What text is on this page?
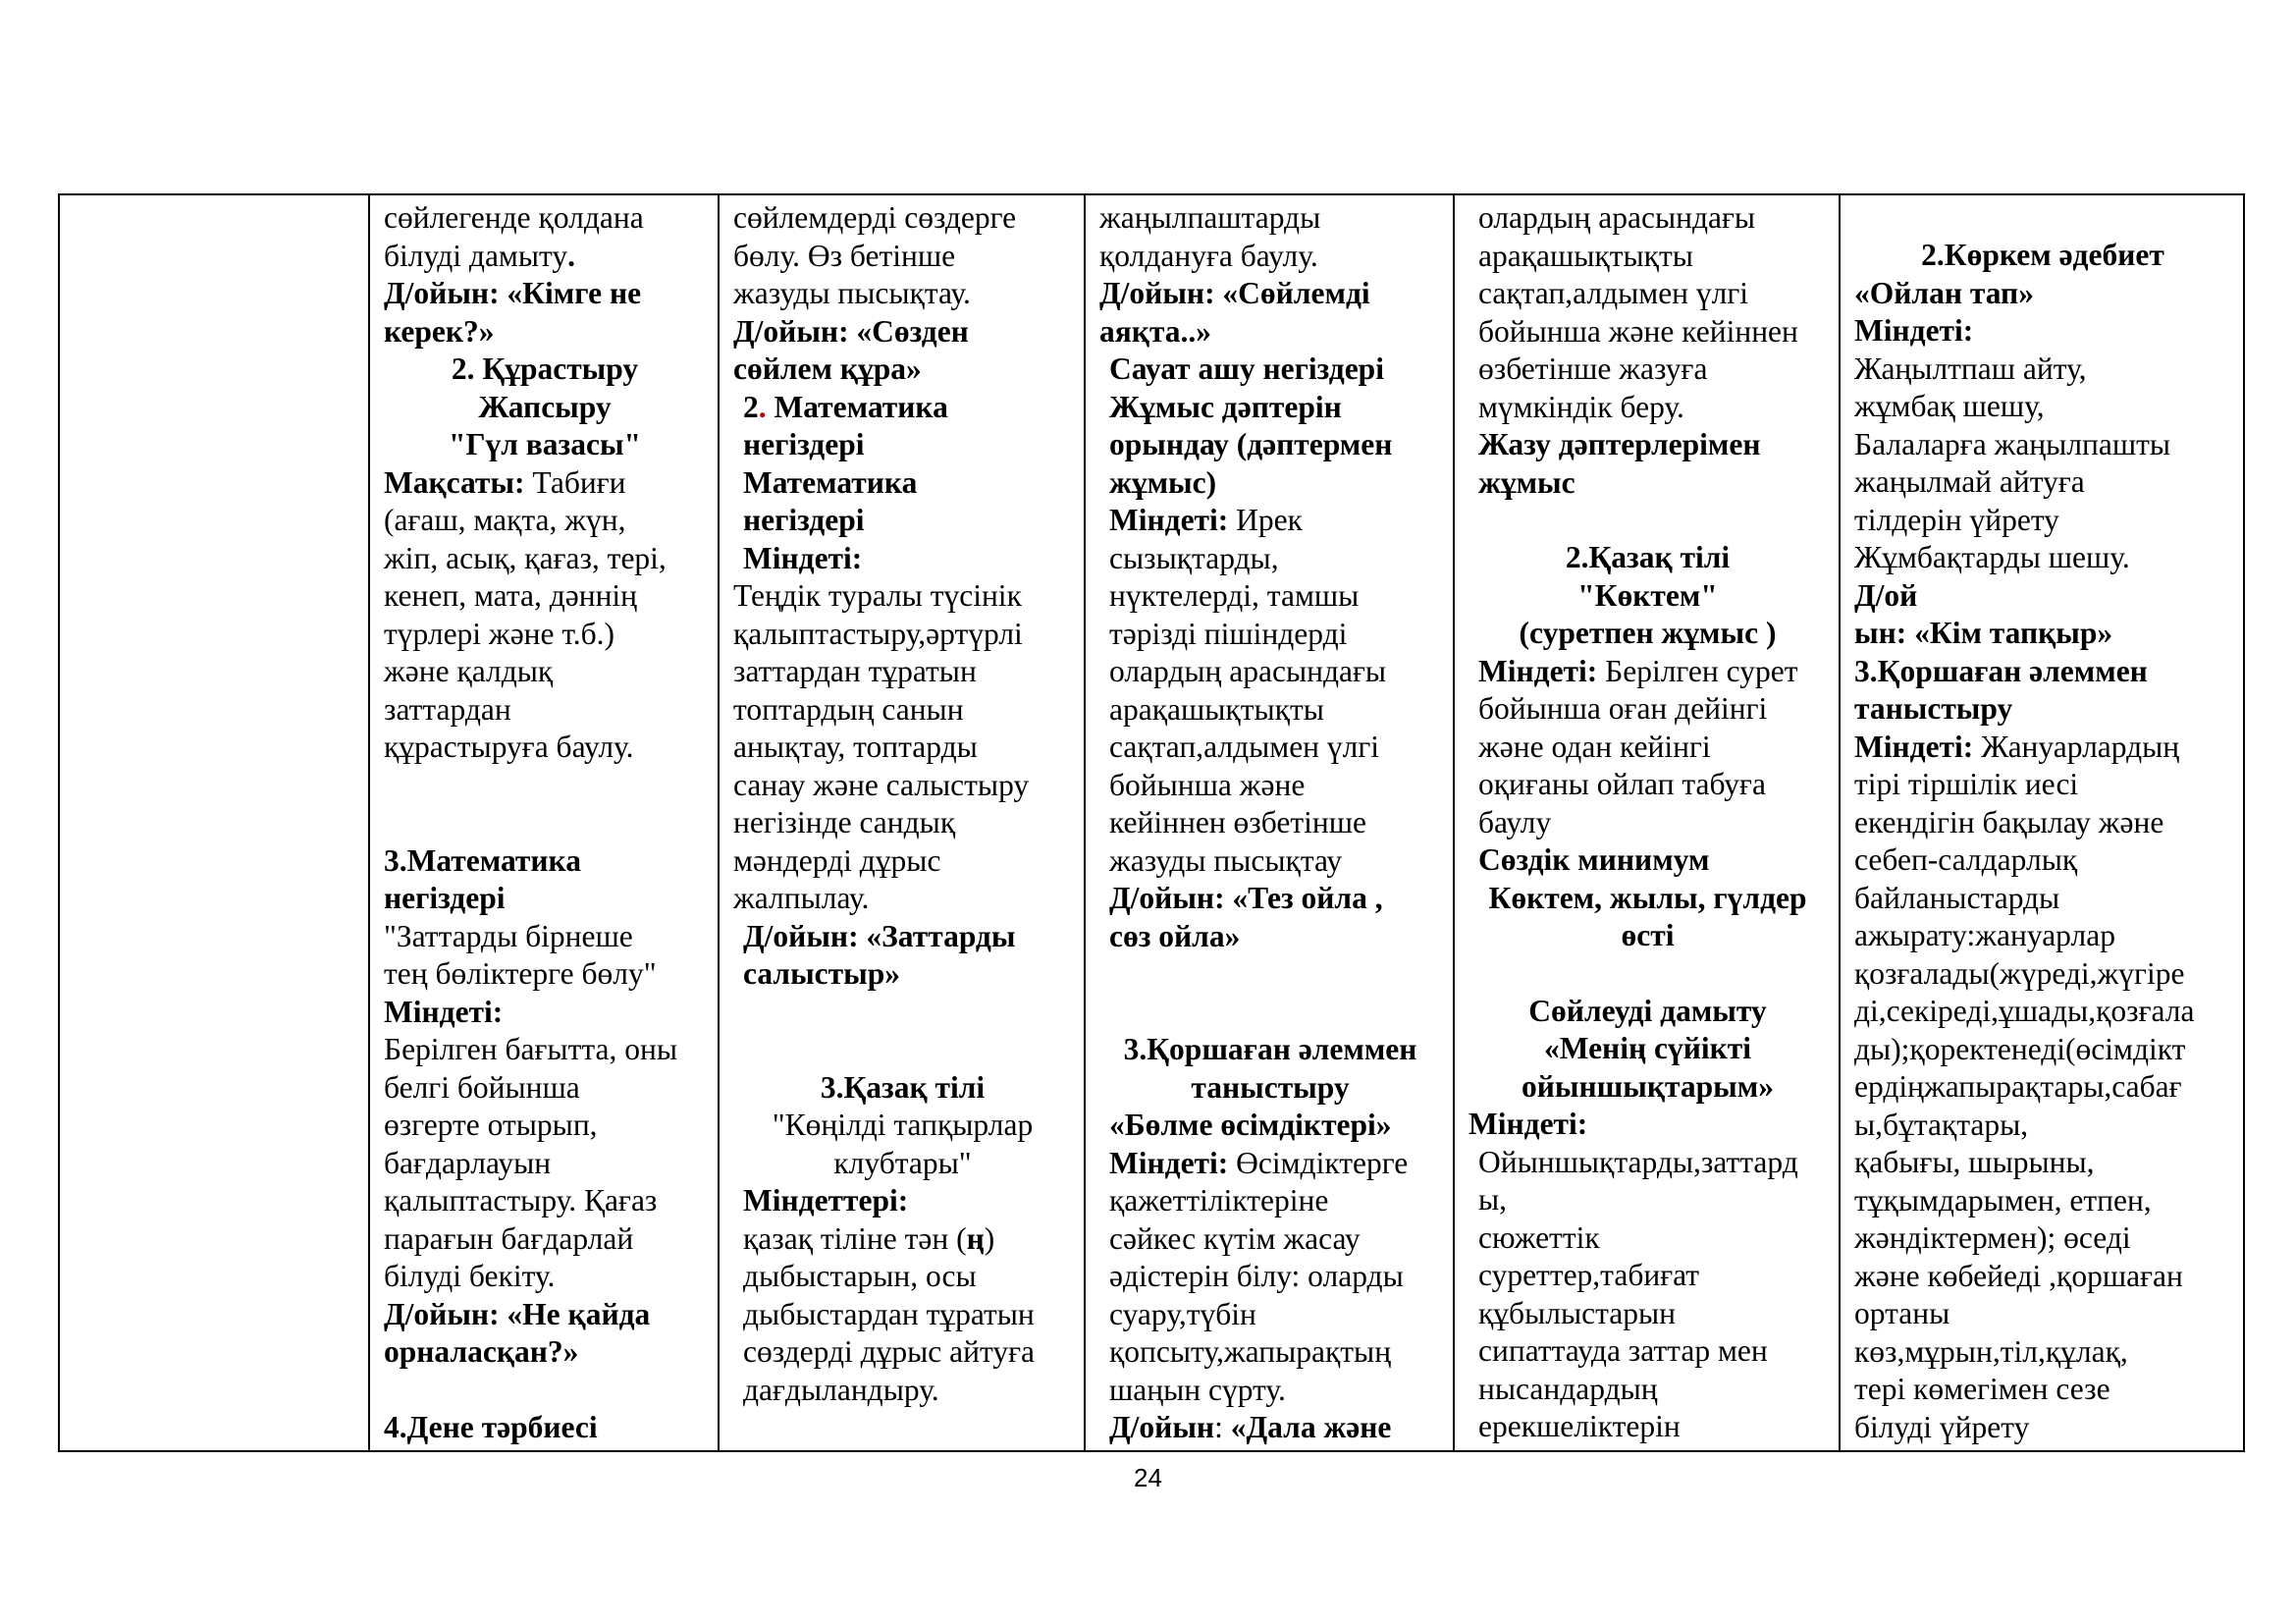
сөйлегенде қолдана
білуді дамыту.
Д/ойын: «Кімге не
керек?»
2. Құрастыру
Жапсыру
"Гүл вазасы"
Мақсаты: Табиғи
(ағаш, мақта, жүн,
жіп, асық, қағаз, тері,
кенеп, мата, дәннің
түрлері және т.б.)
және қалдық
заттардан
құрастыруға баулу.
3.Математика
негіздері
"Заттарды бірнеше
тең бөліктерге бөлу"
Міндеті:
Берілген бағытта, оны
белгі бойынша
өзгерте отырып,
бағдарлауын
қалыптастыру. Қағаз
парағын бағдарлай
білуді бекіту.
Д/ойын: «Не қайда
орналасқан?»
4.Дене тәрбиесі

сөйлемдерді сөздерге
бөлу. Өз бетінше
жазуды пысықтау.
Д/ойын: «Сөзден
сөйлем құра»
2. Математика
негіздері
Математика
негіздері
Міндеті:
Теңдік туралы түсінік
қалыптастыру,әртүрлі
заттардан тұратын
топтардың санын
анықтау, топтарды
санау және салыстыру
негізінде сандық
мәндерді дұрыс
жалпылау.
Д/ойын: «Заттарды
салыстыр»
3.Қазақ тілі
"Көңілді тапқырлар
клубтары"
Міндеттері:
қазақ тіліне тән (ң)
дыбыстарын, осы
дыбыстардан тұратын
сөздерді дұрыс айтуға
дағдыландыру.

жаңылпаштарды
қолдануға баулу.
Д/ойын: «Сөйлемді
аяқта..»
Сауат ашу негіздері
Жұмыс дәптерін
орындау (дәптермен
жұмыс)
Міндеті: Ирек
сызықтарды,
нүктелерді, тамшы
тәрізді пішіндерді
олардың арасындағы
арақашықтықты
сақтап,алдымен үлгі
бойынша және
кейіннен өзбетінше
жазуды пысықтау
Д/ойын: «Тез ойла ,
сөз ойла»
3.Қоршаған әлеммен
таныстыру
«Бөлме өсімдіктері»
Міндеті: Өсімдіктерге
қажеттіліктеріне
сәйкес күтім жасау
әдістерін білу: оларды
суару,түбін
қопсыту,жапырақтың
шаңын сүрту.
Д/ойын: «Дала және

олардың арасындағы
арақашықтықты
сақтап,алдымен үлгі
бойынша және кейіннен
өзбетінше жазуға
мүмкіндік беру.
Жазу дәптерлерімен
жұмыс
2.Қазақ тілі
"Көктем"
(суретпен жұмыс )
Міндеті: Берілген сурет
бойынша оған дейінгі
және одан кейінгі
оқиғаны ойлап табуға
баулу
Сөздік минимум
Көктем, жылы, гүлдер
өсті
Сөйлеуді дамыту
«Менің сүйікті
ойыншықтарым»
Міндеті:
Ойыншықтарды,заттард
ы,
сюжеттік
суреттер,табиғат
құбылыстарын
сипаттауда заттар мен
нысандардың
ерекшеліктерін

2.Көркем әдебиет
«Ойлан тап»
Міндеті:
Жаңылтпаш айту,
жұмбақ шешу,
Балаларға жаңылпашты
жаңылмай айтуға
тілдерін үйрету
Жұмбақтарды шешу.
Д/ой
ын: «Кім тапқыр»
3.Қоршаған әлеммен
таныстыру
Міндеті: Жануарлардың
тірі тіршілік иесі
екендігін бақылау және
себеп-салдарлық
байланыстарды
ажырату:жануарлар
қозғалады(жүреді,жүгіре
ді,секіреді,ұшады,қозғала
ды);қоректенеді(өсімдікт
ердіңжапырақтары,сабағ
ы,бұтақтары,
қабығы, шырыны,
тұқымдарымен, етпен,
жәндіктермен); өседі
және көбейеді ,қоршаған
ортаны
көз,мұрын,тіл,құлақ,
тері көмегімен сезе
білуді үйрету
24
